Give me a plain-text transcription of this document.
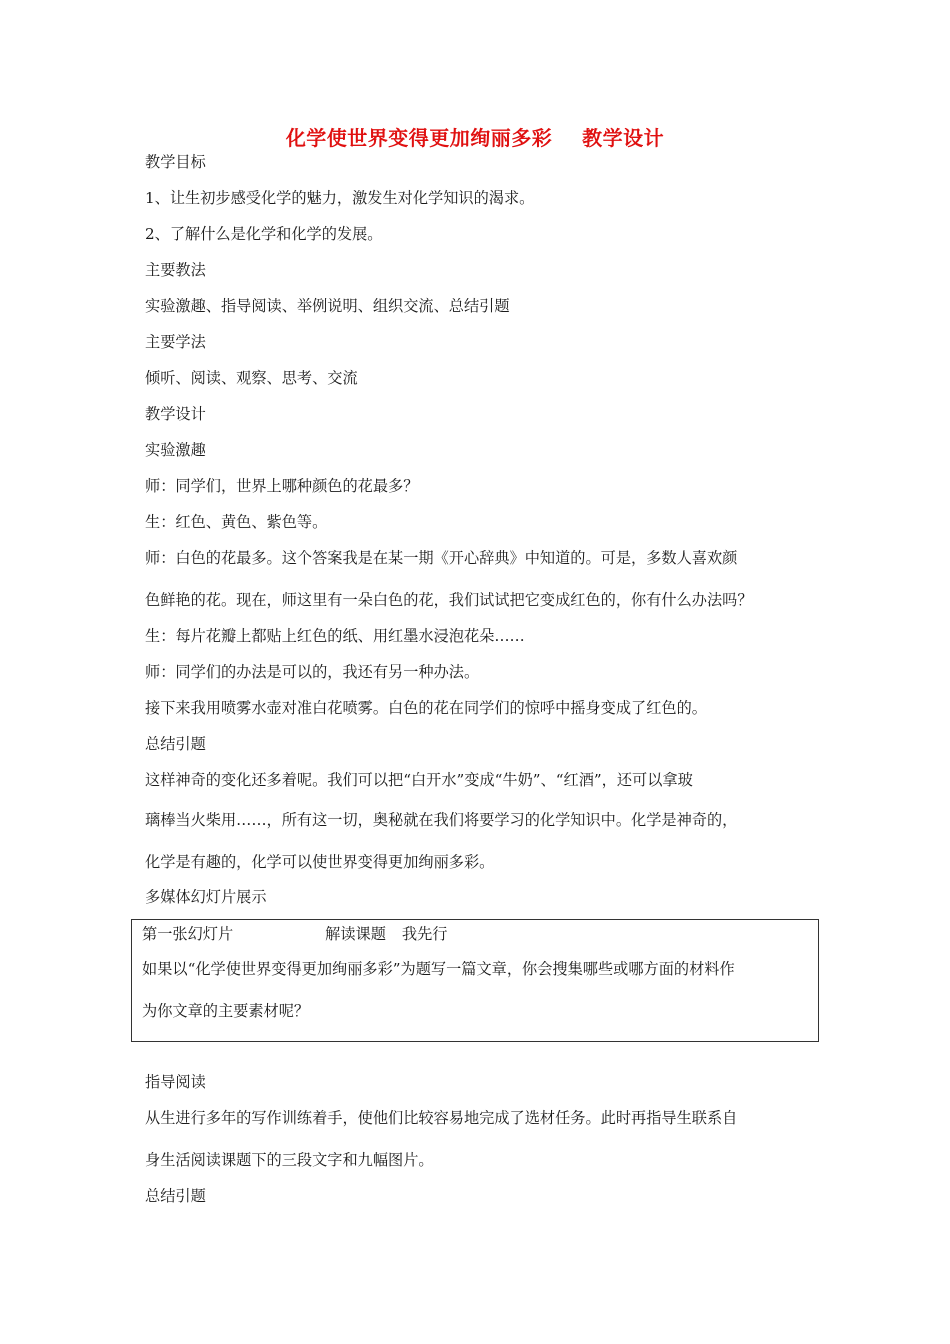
化学使世界变得更加绚丽多彩    教学设计
教学目标
1、让生初步感受化学的魅力，激发生对化学知识的渴求。
2、了解什么是化学和化学的发展。
主要教法
实验激趣、指导阅读、举例说明、组织交流、总结引题
主要学法
倾听、阅读、观察、思考、交流
教学设计
实验激趣
师：同学们，世界上哪种颜色的花最多？
生：红色、黄色、紫色等。
师：白色的花最多。这个答案我是在某一期《开心辞典》中知道的。可是，多数人喜欢颜
色鲜艳的花。现在，师这里有一朵白色的花，我们试试把它变成红色的，你有什么办法吗？
生：每片花瓣上都贴上红色的纸、用红墨水浸泡花朵……
师：同学们的办法是可以的，我还有另一种办法。
接下来我用喷雾水壶对准白花喷雾。白色的花在同学们的惊呼中摇身变成了红色的。
总结引题
这样神奇的变化还多着呢。我们可以把“白开水”变成“牛奶”、“红酒”，还可以拿玻
璃棒当火柴用……，所有这一切，奥秘就在我们将要学习的化学知识中。化学是神奇的，
化学是有趣的，化学可以使世界变得更加绚丽多彩。
多媒体幻灯片展示
第一张幻灯片	解读课题 我先行
如果以“化学使世界变得更加绚丽多彩”为题写一篇文章，你会搜集哪些或哪方面的材料作
为你文章的主要素材呢？
指导阅读
从生进行多年的写作训练着手，使他们比较容易地完成了选材任务。此时再指导生联系自
身生活阅读课题下的三段文字和九幅图片。
总结引题
